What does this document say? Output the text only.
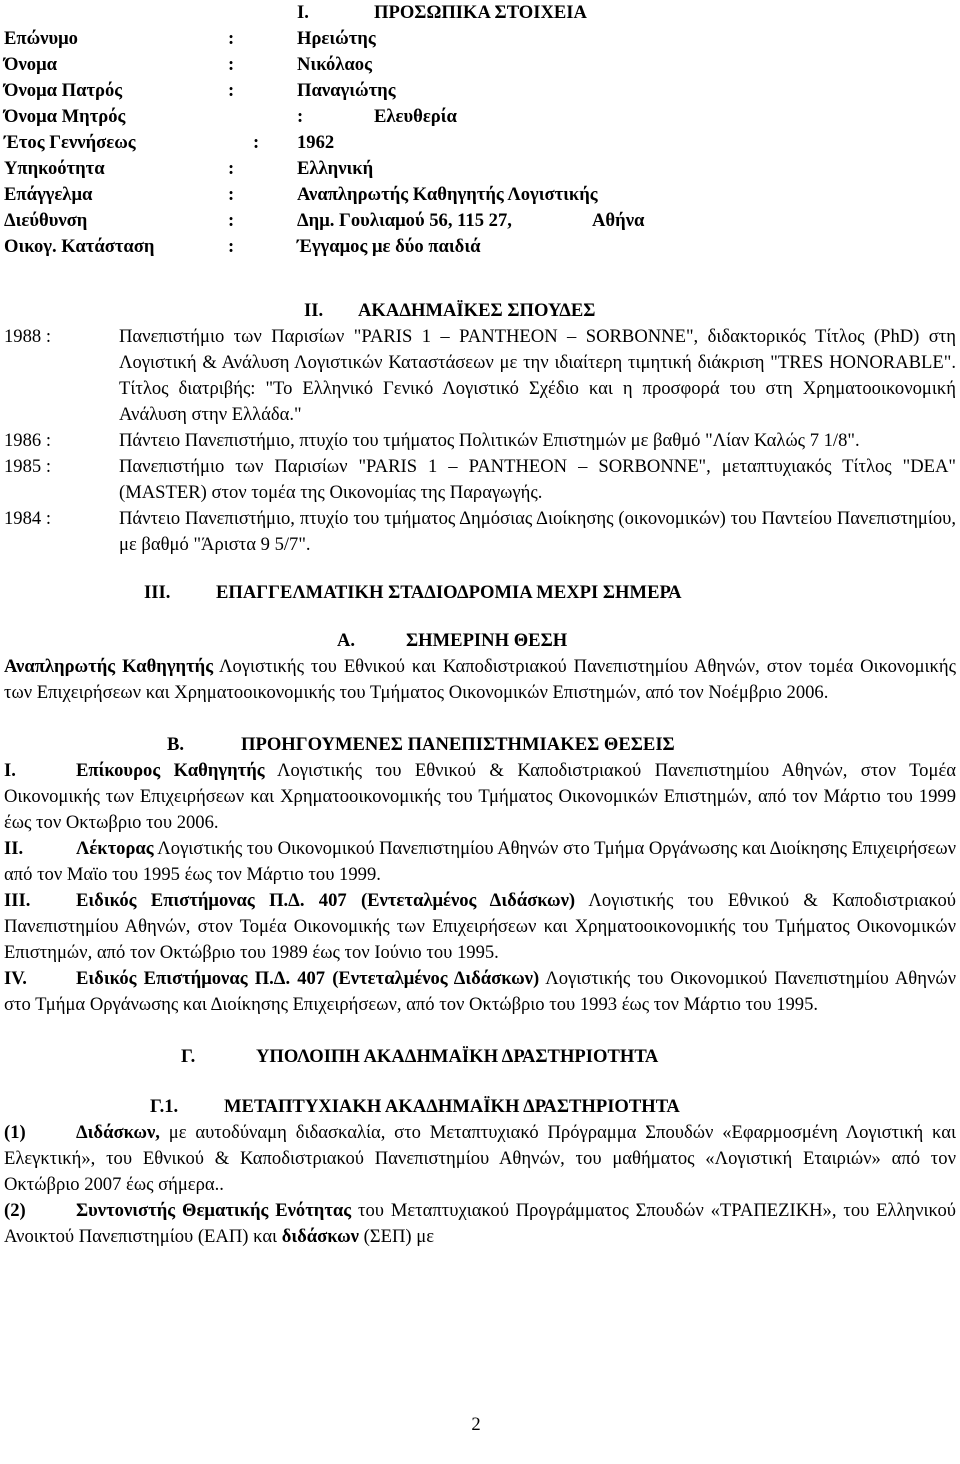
I.	ΠΡΟΣΩΠΙΚΑ ΣΤΟΙΧΕΙΑ
Επώνυμο	:	Ηρειώτης
Όνομα	:	Νικόλαος
Όνομα Πατρός	:	Παναγιώτης
Όνομα Μητρός	:	Ελευθερία
Έτος Γεννήσεως	: 1962
Υπηκοότητα	:	Ελληνική
Επάγγελμα	:	Αναπληρωτής Καθηγητής Λογιστικής
Διεύθυνση	:	Δημ. Γουλιαμού 56, 115 27,	Αθήνα
Οικογ. Κατάσταση	:	Έγγαμος με δύο παιδιά
II. ΑΚΑΔΗΜΑΪΚΕΣ ΣΠΟΥΔΕΣ
1988 :	Πανεπιστήμιο των Παρισίων "PARIS 1 – PANTHEON – SORBONNE", διδακτορικός Τίτλος (PhD) στη Λογιστική & Ανάλυση Λογιστικών Καταστάσεων με την ιδιαίτερη τιμητική διάκριση "TRES HONORABLE". Τίτλος διατριβής: "Το Ελληνικό Γενικό Λογιστικό Σχέδιο και η προσφορά του στη Χρηματοοικονομική Ανάλυση στην Ελλάδα."
1986 :	Πάντειο Πανεπιστήμιο, πτυχίο του τμήματος Πολιτικών Επιστημών με βαθμό "Λίαν Καλώς 7 1/8".
1985 :	Πανεπιστήμιο των Παρισίων "PARIS 1 – PANTHEON – SORBONNE", μεταπτυχιακός Τίτλος "DEA" (MASTER) στον τομέα της Οικονομίας της Παραγωγής.
1984 :	Πάντειο Πανεπιστήμιο, πτυχίο του τμήματος Δημόσιας Διοίκησης (οικονομικών) του Παντείου Πανεπιστημίου, με βαθμό "Άριστα 9 5/7".
III. ΕΠΑΓΓΕΛΜΑΤΙΚΗ ΣΤΑΔΙΟΔΡΟΜΙΑ ΜΕΧΡΙ ΣΗΜΕΡΑ
Α.	ΣΗΜΕΡΙΝΗ ΘΕΣΗ
Αναπληρωτής Καθηγητής Λογιστικής του Εθνικού και Καποδιστριακού Πανεπιστημίου Αθηνών, στον τομέα Οικονομικής των Επιχειρήσεων και Χρηματοοικονομικής του Τμήματος Οικονομικών Επιστημών, από τον Νοέμβριο 2006.
Β.	ΠΡΟΗΓΟΥΜΕΝΕΣ ΠΑΝΕΠΙΣΤΗΜΙΑΚΕΣ ΘΕΣΕΙΣ
I.	Επίκουρος Καθηγητής Λογιστικής του Εθνικού & Καποδιστριακού Πανεπιστημίου Αθηνών, στον Τομέα Οικονομικής των Επιχειρήσεων και Χρηματοοικονομικής του Τμήματος Οικονομικών Επιστημών, από τον Μάρτιο του 1999 έως τον Οκτωβριο του 2006.
II.	Λέκτορας Λογιστικής του Οικονομικού Πανεπιστημίου Αθηνών στο Τμήμα Οργάνωσης και Διοίκησης Επιχειρήσεων από τον Μαϊο του 1995 έως τον Μάρτιο του 1999.
III. Ειδικός Επιστήμονας Π.Δ. 407 (Εντεταλμένος Διδάσκων) Λογιστικής του Εθνικού & Καποδιστριακού Πανεπιστημίου Αθηνών, στον Τομέα Οικονομικής των Επιχειρήσεων και Χρηματοοικονομικής του Τμήματος Οικονομικών Επιστημών, από τον Οκτώβριο του 1989 έως τον Ιούνιο του 1995.
IV.	Ειδικός Επιστήμονας Π.Δ. 407 (Εντεταλμένος Διδάσκων) Λογιστικής του Οικονομικού Πανεπιστημίου Αθηνών στο Τμήμα Οργάνωσης και Διοίκησης Επιχειρήσεων, από τον Οκτώβριο του 1993 έως τον Μάρτιο του 1995.
Γ.	ΥΠΟΛΟΙΠΗ ΑΚΑΔΗΜΑΪΚΗ ΔΡΑΣΤΗΡΙΟΤΗΤΑ
Γ.1. ΜΕΤΑΠΤΥΧΙΑΚΗ ΑΚΑΔΗΜΑΪΚΗ ΔΡΑΣΤΗΡΙΟΤΗΤΑ
(1)	Διδάσκων, με αυτοδύναμη διδασκαλία, στο Μεταπτυχιακό Πρόγραμμα Σπουδών «Εφαρμοσμένη Λογιστική και Ελεγκτική», του Εθνικού & Καποδιστριακού Πανεπιστημίου Αθηνών, του μαθήματος «Λογιστική Εταιριών» από τον Οκτώβριο 2007 έως σήμερα..
(2)	Συντονιστής Θεματικής Ενότητας του Μεταπτυχιακού Προγράμματος Σπουδών «ΤΡΑΠΕΖΙΚΗ», του Ελληνικού Ανοικτού Πανεπιστημίου (ΕΑΠ) και διδάσκων (ΣΕΠ) με
2
